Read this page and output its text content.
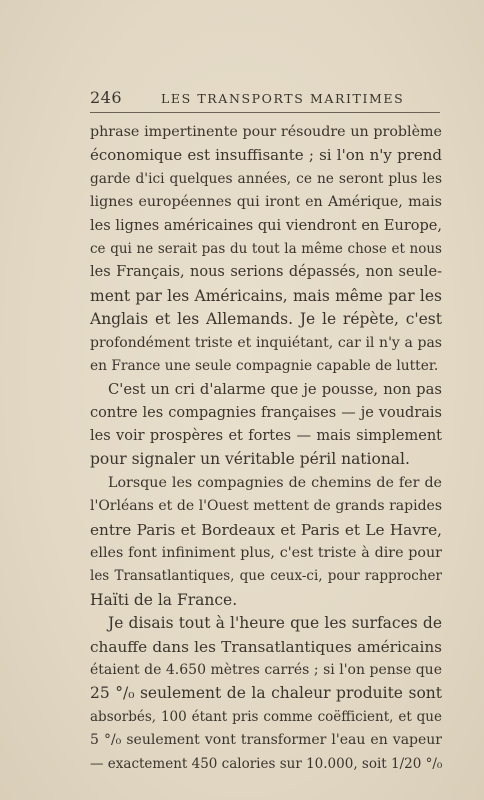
246	LES TRANSPORTS MARITIMES
phrase impertinente pour résoudre un problème
économique est insuffisante ; si l'on n'y prend
garde d'ici quelques années, ce ne seront plus les
lignes européennes qui iront en Amérique, mais
les lignes américaines qui viendront en Europe,
ce qui ne serait pas du tout la même chose et nous
les Français, nous serions dépassés, non seule-
ment par les Américains, mais même par les
Anglais et les Allemands. Je le répète, c'est
profondément triste et inquiétant, car il n'y a pas
en France une seule compagnie capable de lutter.
C'est un cri d'alarme que je pousse, non pas
contre les compagnies françaises — je voudrais
les voir prospères et fortes — mais simplement
pour signaler un véritable péril national.
Lorsque les compagnies de chemins de fer de
l'Orléans et de l'Ouest mettent de grands rapides
entre Paris et Bordeaux et Paris et Le Havre,
elles font infiniment plus, c'est triste à dire pour
les Transatlantiques, que ceux-ci, pour rapprocher
Haïti de la France.
Je disais tout à l'heure que les surfaces de
chauffe dans les Transatlantiques américains
étaient de 4.650 mètres carrés ; si l'on pense que
25 °/₀ seulement de la chaleur produite sont
absorbés, 100 étant pris comme coëfficient, et que
5 °/₀ seulement vont transformer l'eau en vapeur
— exactement 450 calories sur 10.000, soit 1/20 °/₀
